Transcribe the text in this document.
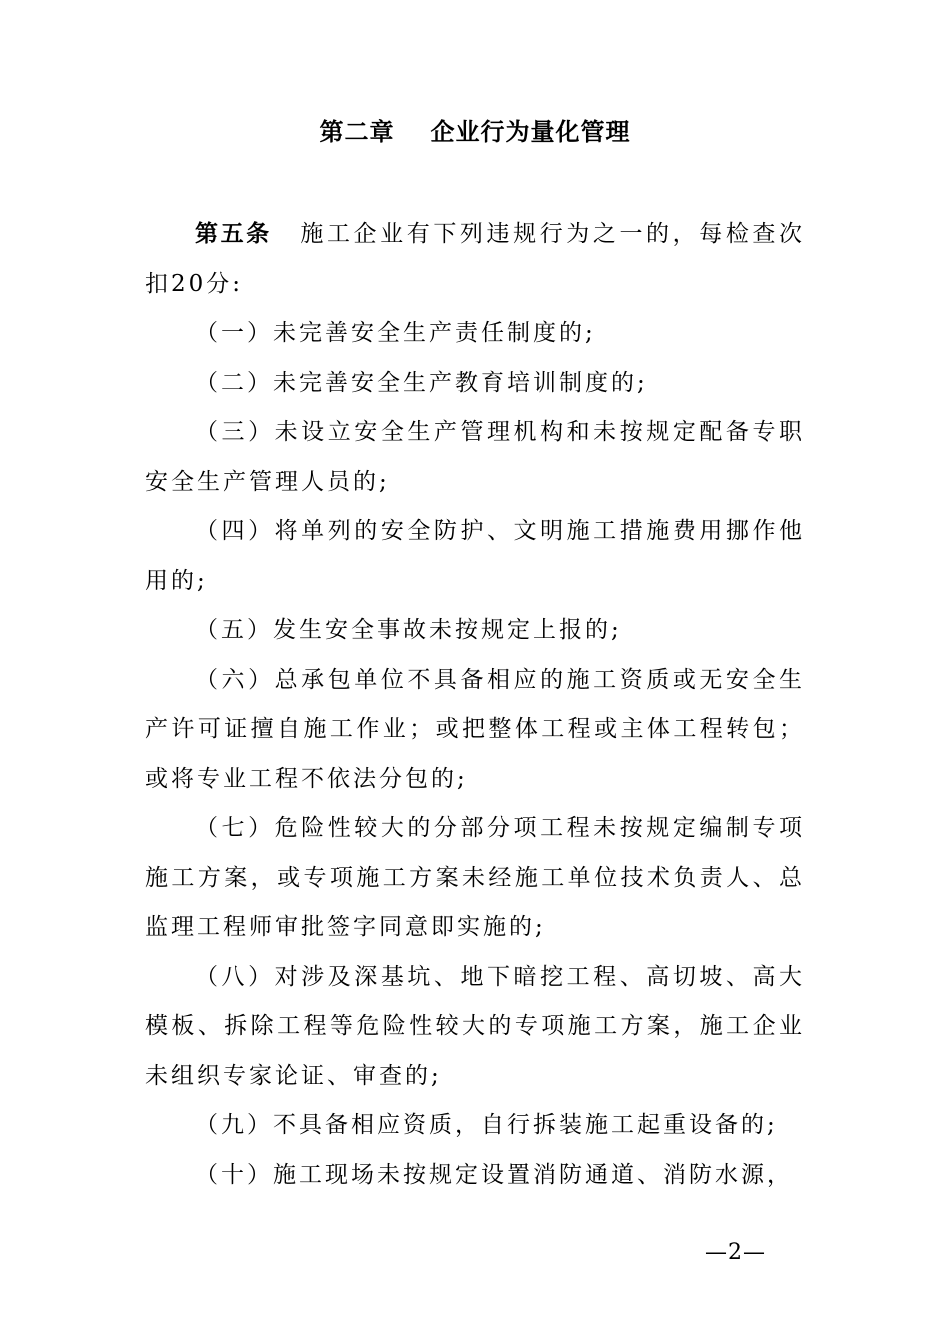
第二章 企业行为量化管理

第五条 施工企业有下列违规行为之一的，每检查次扣20分:

（一）未完善安全生产责任制度的;

（二）未完善安全生产教育培训制度的;

（三）未设立安全生产管理机构和未按规定配备专职安全生产管理人员的;

（四）将单列的安全防护、文明施工措施费用挪作他用的;

（五）发生安全事故未按规定上报的;

（六）总承包单位不具备相应的施工资质或无安全生产许可证擅自施工作业；或把整体工程或主体工程转包；或将专业工程不依法分包的;

（七）危险性较大的分部分项工程未按规定编制专项施工方案，或专项施工方案未经施工单位技术负责人、总监理工程师审批签字同意即实施的;

（八）对涉及深基坑、地下暗挖工程、高切坡、高大模板、拆除工程等危险性较大的专项施工方案，施工企业未组织专家论证、审查的;

（九）不具备相应资质，自行拆装施工起重设备的;

（十）施工现场未按规定设置消防通道、消防水源，

—2—
